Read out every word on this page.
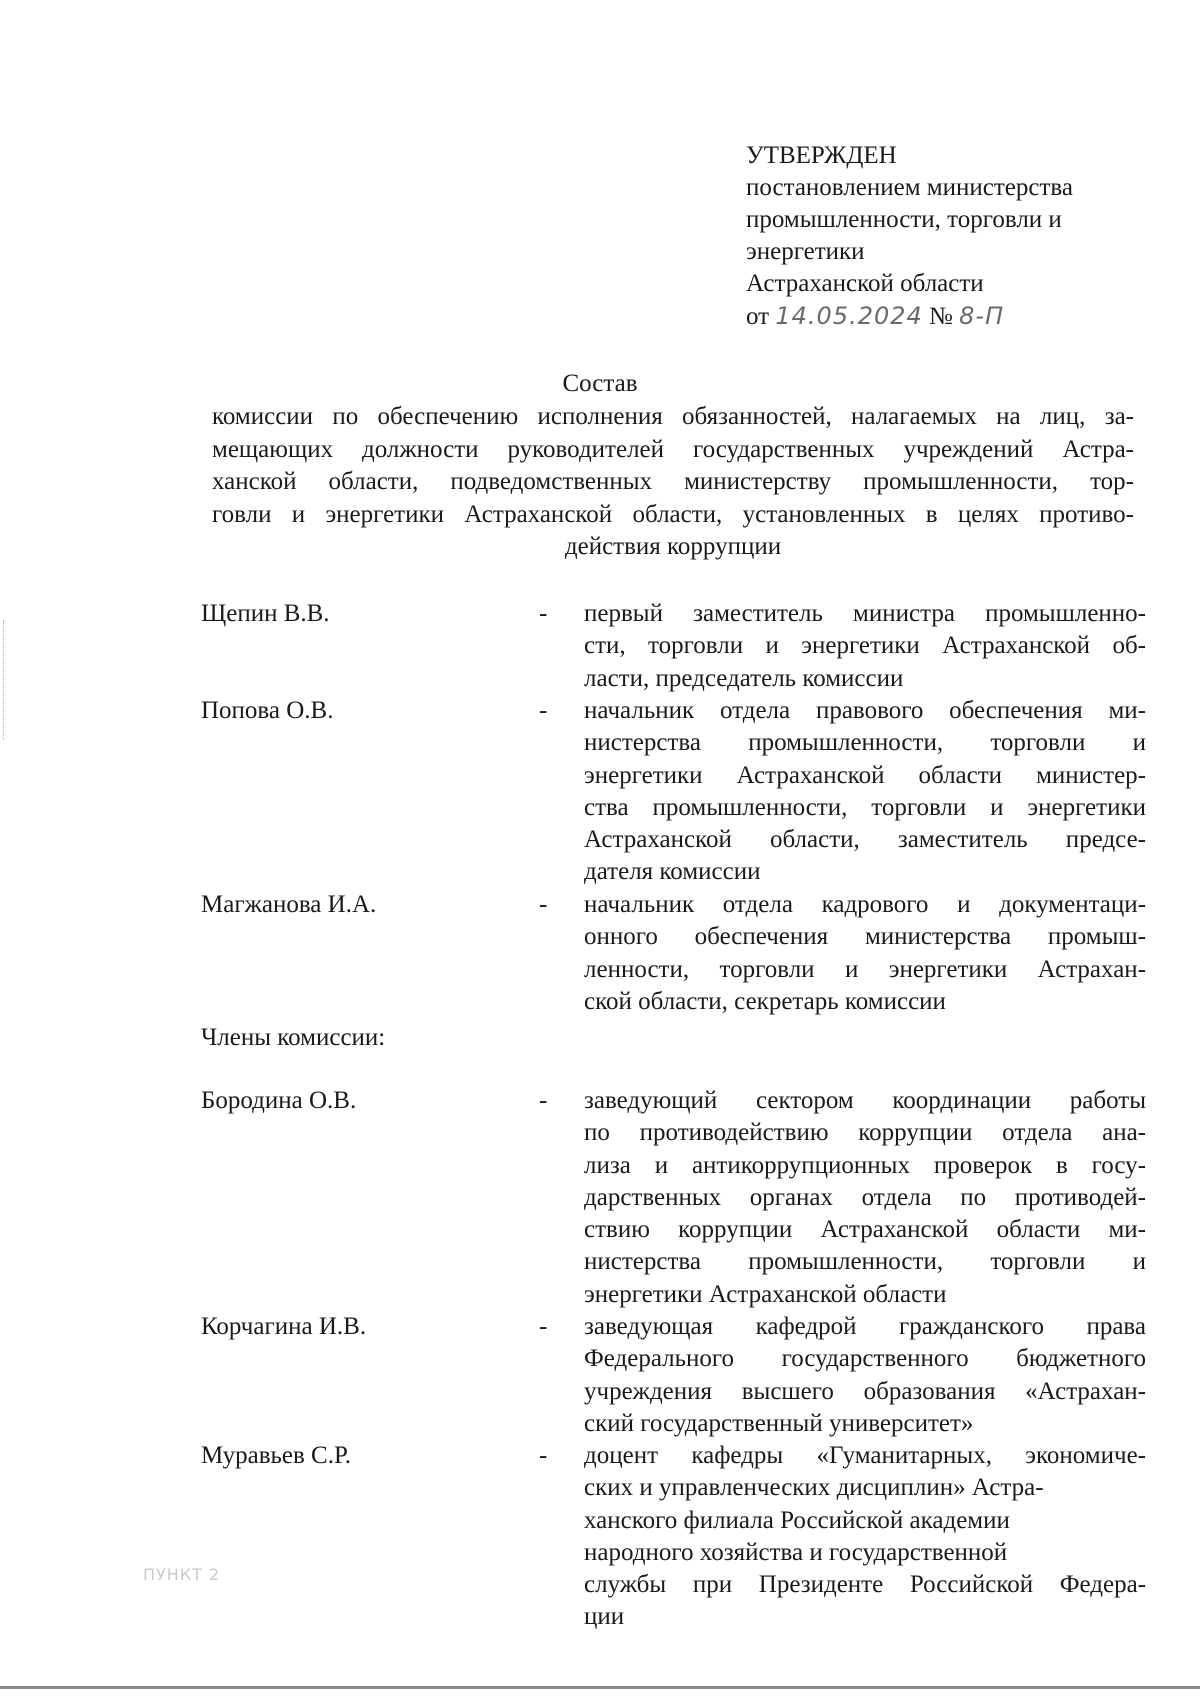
УТВЕРЖДЕН
постановлением министерства
промышленности, торговли и
энергетики
Астраханской области
от 14.05.2024 № 8-П
Состав
комиссии по обеспечению исполнения обязанностей, налагаемых на лиц, за-
мещающих должности руководителей государственных учреждений Астра-
ханской области, подведомственных министерству промышленности, тор-
говли и энергетики Астраханской области, установленных в целях противо-
действия коррупции
Щепин В.В.	- первый заместитель министра промышленно-
сти, торговли и энергетики Астраханской об-
ласти, председатель комиссии
Попова О.В.	- начальник отдела правового обеспечения ми-
нистерства промышленности, торговли и
энергетики Астраханской области министер-
ства промышленности, торговли и энергетики
Астраханской области, заместитель предсе-
дателя комиссии
Магжанова И.А.	- начальник отдела кадрового и документаци-
онного обеспечения министерства промыш-
ленности, торговли и энергетики Астрахан-
ской области, секретарь комиссии
Члены комиссии:
Бородина О.В.	- заведующий сектором координации работы
по противодействию коррупции отдела ана-
лиза и антикоррупционных проверок в госу-
дарственных органах отдела по противодей-
ствию коррупции Астраханской области ми-
нистерства промышленности, торговли и
энергетики Астраханской области
Корчагина И.В.	- заведующая кафедрой гражданского права
Федерального государственного бюджетного
учреждения высшего образования «Астрахан-
ский государственный университет»
Муравьев С.Р.	- доцент кафедры «Гуманитарных, экономиче-
ских и управленческих дисциплин» Астра-
ханского филиала Российской академии
народного хозяйства и государственной
службы при Президенте Российской Федера-
ции
ПУНКТ 2
